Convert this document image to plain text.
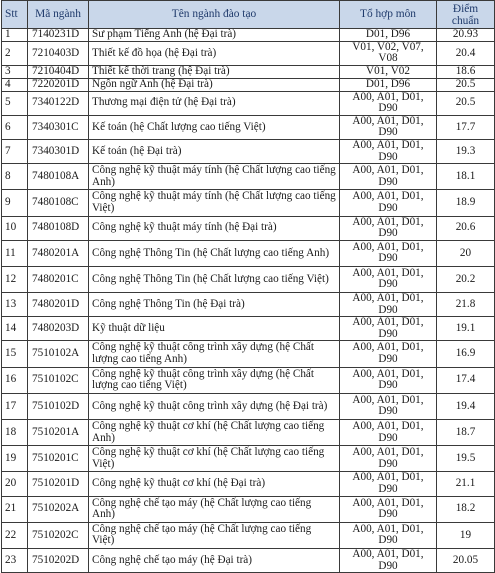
Stt	Mã ngành	Tên ngành đào tạo	Tổ hợp môn	Điểm chuẩn
1	7140231D	Sư phạm Tiếng Anh (hệ Đại trà)	D01, D96	20.93
2	7210403D	Thiết kế đồ họa (hệ Đại trà)	V01, V02, V07, V08	20.4
3	7210404D	Thiết kế thời trang (hệ Đại trà)	V01, V02	18.6
4	7220201D	Ngôn ngữ Anh (hệ Đại trà)	D01, D96	20.5
5	7340122D	Thương mại điện tử (hệ Đại trà)	A00, A01, D01, D90	20.5
6	7340301C	Kế toán (hệ Chất lượng cao tiếng Việt)	A00, A01, D01, D90	17.7
7	7340301D	Kế toán (hệ Đại trà)	A00, A01, D01, D90	19.3
8	7480108A	Công nghệ kỹ thuật máy tính (hệ Chất lượng cao tiếng Anh)	A00, A01, D01, D90	18.1
9	7480108C	Công nghệ kỹ thuật máy tính (hệ Chất lượng cao tiếng Việt)	A00, A01, D01, D90	18.9
10	7480108D	Công nghệ kỹ thuật máy tính (hệ Đại trà)	A00, A01, D01, D90	20.6
11	7480201A	Công nghệ Thông Tin (hệ Chất lượng cao tiếng Anh)	A00, A01, D01, D90	20
12	7480201C	Công nghệ Thông Tin (hệ Chất lượng cao tiếng Việt)	A00, A01, D01, D90	20.2
13	7480201D	Công nghệ Thông Tin (hệ Đại trà)	A00, A01, D01, D90	21.8
14	7480203D	Kỹ thuật dữ liệu	A00, A01, D01, D90	19.1
15	7510102A	Công nghệ kỹ thuật công trình xây dựng (hệ Chất lượng cao tiếng Anh)	A00, A01, D01, D90	16.9
16	7510102C	Công nghệ kỹ thuật công trình xây dựng (hệ Chất lượng cao tiếng Việt)	A00, A01, D01, D90	17.4
17	7510102D	Công nghệ kỹ thuật công trình xây dựng (hệ Đại trà)	A00, A01, D01, D90	19.4
18	7510201A	Công nghệ kỹ thuật cơ khí (hệ Chất lượng cao tiếng Anh)	A00, A01, D01, D90	18.7
19	7510201C	Công nghệ kỹ thuật cơ khí (hệ Chất lượng cao tiếng Việt)	A00, A01, D01, D90	19.5
20	7510201D	Công nghệ kỹ thuật cơ khí (hệ Đại trà)	A00, A01, D01, D90	21.1
21	7510202A	Công nghệ chế tạo máy (hệ Chất lượng cao tiếng Anh)	A00, A01, D01, D90	18.2
22	7510202C	Công nghệ chế tạo máy (hệ Chất lượng cao tiếng Việt)	A00, A01, D01, D90	19
23	7510202D	Công nghệ chế tạo máy (hệ Đại trà)	A00, A01, D01, D90	20.05
